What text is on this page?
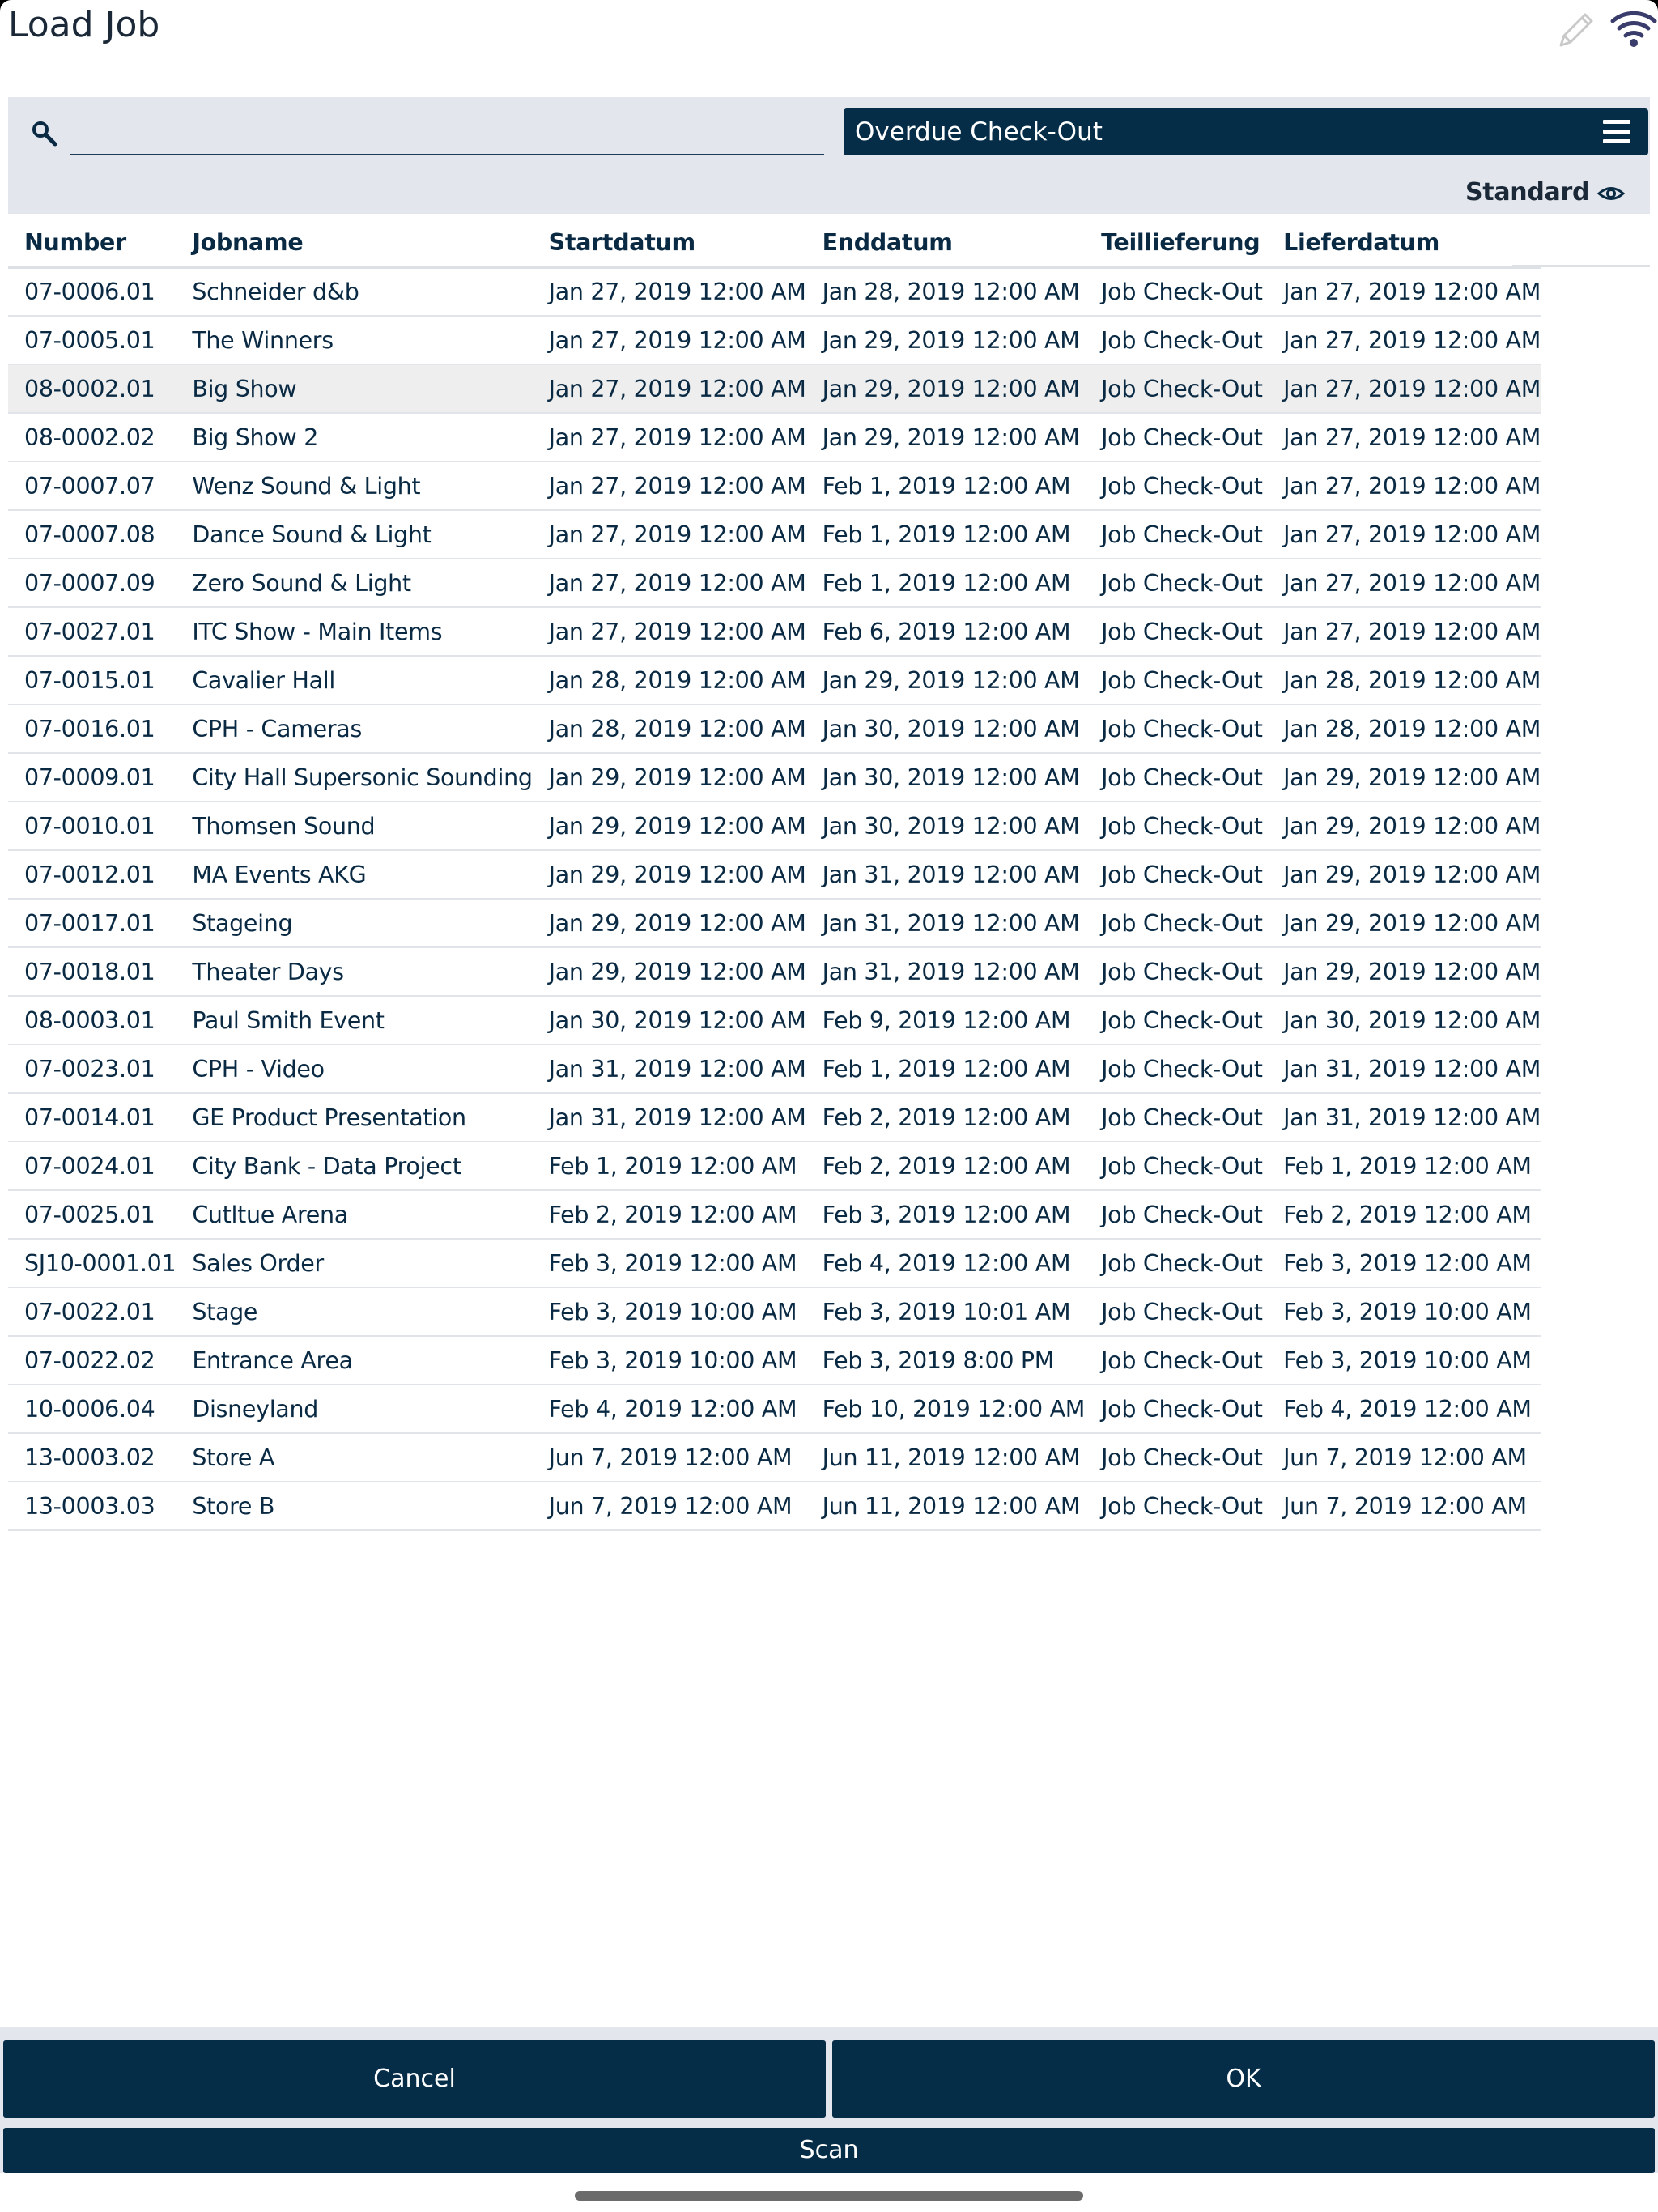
Load Job
Overdue Check-Out
Standard
Number	Jobname	Startdatum	Enddatum	Teillieferung	Lieferdatum
07-0006.01	Schneider d&b	Jan 27, 2019 12:00 AM	Jan 28, 2019 12:00 AM	Job Check-Out	Jan 27, 2019 12:00 AM
07-0005.01	The Winners	Jan 27, 2019 12:00 AM	Jan 29, 2019 12:00 AM	Job Check-Out	Jan 27, 2019 12:00 AM
08-0002.01	Big Show	Jan 27, 2019 12:00 AM	Jan 29, 2019 12:00 AM	Job Check-Out	Jan 27, 2019 12:00 AM
08-0002.02	Big Show 2	Jan 27, 2019 12:00 AM	Jan 29, 2019 12:00 AM	Job Check-Out	Jan 27, 2019 12:00 AM
07-0007.07	Wenz Sound & Light	Jan 27, 2019 12:00 AM	Feb 1, 2019 12:00 AM	Job Check-Out	Jan 27, 2019 12:00 AM
07-0007.08	Dance Sound & Light	Jan 27, 2019 12:00 AM	Feb 1, 2019 12:00 AM	Job Check-Out	Jan 27, 2019 12:00 AM
07-0007.09	Zero Sound & Light	Jan 27, 2019 12:00 AM	Feb 1, 2019 12:00 AM	Job Check-Out	Jan 27, 2019 12:00 AM
07-0027.01	ITC Show - Main Items	Jan 27, 2019 12:00 AM	Feb 6, 2019 12:00 AM	Job Check-Out	Jan 27, 2019 12:00 AM
07-0015.01	Cavalier Hall	Jan 28, 2019 12:00 AM	Jan 29, 2019 12:00 AM	Job Check-Out	Jan 28, 2019 12:00 AM
07-0016.01	CPH - Cameras	Jan 28, 2019 12:00 AM	Jan 30, 2019 12:00 AM	Job Check-Out	Jan 28, 2019 12:00 AM
07-0009.01	City Hall Supersonic Sounding	Jan 29, 2019 12:00 AM	Jan 30, 2019 12:00 AM	Job Check-Out	Jan 29, 2019 12:00 AM
07-0010.01	Thomsen Sound	Jan 29, 2019 12:00 AM	Jan 30, 2019 12:00 AM	Job Check-Out	Jan 29, 2019 12:00 AM
07-0012.01	MA Events AKG	Jan 29, 2019 12:00 AM	Jan 31, 2019 12:00 AM	Job Check-Out	Jan 29, 2019 12:00 AM
07-0017.01	Stageing	Jan 29, 2019 12:00 AM	Jan 31, 2019 12:00 AM	Job Check-Out	Jan 29, 2019 12:00 AM
07-0018.01	Theater Days	Jan 29, 2019 12:00 AM	Jan 31, 2019 12:00 AM	Job Check-Out	Jan 29, 2019 12:00 AM
08-0003.01	Paul Smith Event	Jan 30, 2019 12:00 AM	Feb 9, 2019 12:00 AM	Job Check-Out	Jan 30, 2019 12:00 AM
07-0023.01	CPH - Video	Jan 31, 2019 12:00 AM	Feb 1, 2019 12:00 AM	Job Check-Out	Jan 31, 2019 12:00 AM
07-0014.01	GE Product Presentation	Jan 31, 2019 12:00 AM	Feb 2, 2019 12:00 AM	Job Check-Out	Jan 31, 2019 12:00 AM
07-0024.01	City Bank - Data Project	Feb 1, 2019 12:00 AM	Feb 2, 2019 12:00 AM	Job Check-Out	Feb 1, 2019 12:00 AM
07-0025.01	Cutltue Arena	Feb 2, 2019 12:00 AM	Feb 3, 2019 12:00 AM	Job Check-Out	Feb 2, 2019 12:00 AM
SJ10-0001.01	Sales Order	Feb 3, 2019 12:00 AM	Feb 4, 2019 12:00 AM	Job Check-Out	Feb 3, 2019 12:00 AM
07-0022.01	Stage	Feb 3, 2019 10:00 AM	Feb 3, 2019 10:01 AM	Job Check-Out	Feb 3, 2019 10:00 AM
07-0022.02	Entrance Area	Feb 3, 2019 10:00 AM	Feb 3, 2019 8:00 PM	Job Check-Out	Feb 3, 2019 10:00 AM
10-0006.04	Disneyland	Feb 4, 2019 12:00 AM	Feb 10, 2019 12:00 AM	Job Check-Out	Feb 4, 2019 12:00 AM
13-0003.02	Store A	Jun 7, 2019 12:00 AM	Jun 11, 2019 12:00 AM	Job Check-Out	Jun 7, 2019 12:00 AM
13-0003.03	Store B	Jun 7, 2019 12:00 AM	Jun 11, 2019 12:00 AM	Job Check-Out	Jun 7, 2019 12:00 AM
Cancel	OK
Scan
